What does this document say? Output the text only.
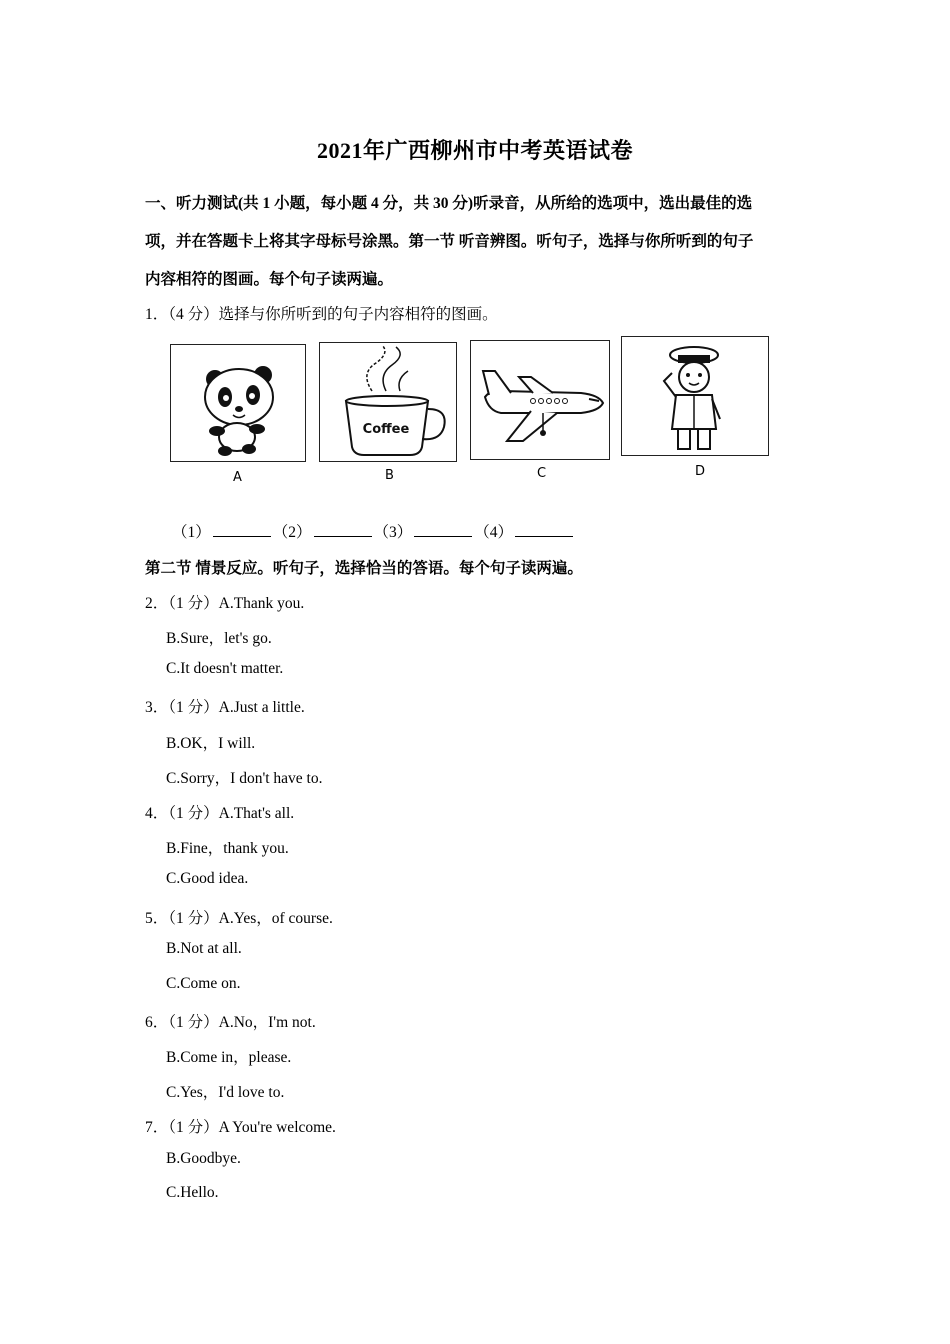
2021年广西柳州市中考英语试卷
一、听力测试(共 1 小题，每小题 4 分，共 30 分)听录音，从所给的选项中，选出最佳的选
项，并在答题卡上将其字母标号涂黑。第一节 听音辨图。听句子，选择与你所听到的句子
内容相符的图画。每个句子读两遍。
1．（4 分）选择与你所听到的句子内容相符的图画。
Coffee
A	B	C	D
（1）	（2）	（3）	（4）
第二节 情景反应。听句子，选择恰当的答语。每个句子读两遍。
2．（1 分）A.Thank you.
B.Sure，let's go.
C.It doesn't matter.
3．（1 分）A.Just a little.
B.OK，I will.
C.Sorry，I don't have to.
4．（1 分）A.That's all.
B.Fine，thank you.
C.Good idea.
5．（1 分）A.Yes，of course.
B.Not at all.
C.Come on.
6．（1 分）A.No，I'm not.
B.Come in，please.
C.Yes，I'd love to.
7．（1 分）A You're welcome.
B.Goodbye.
C.Hello.
